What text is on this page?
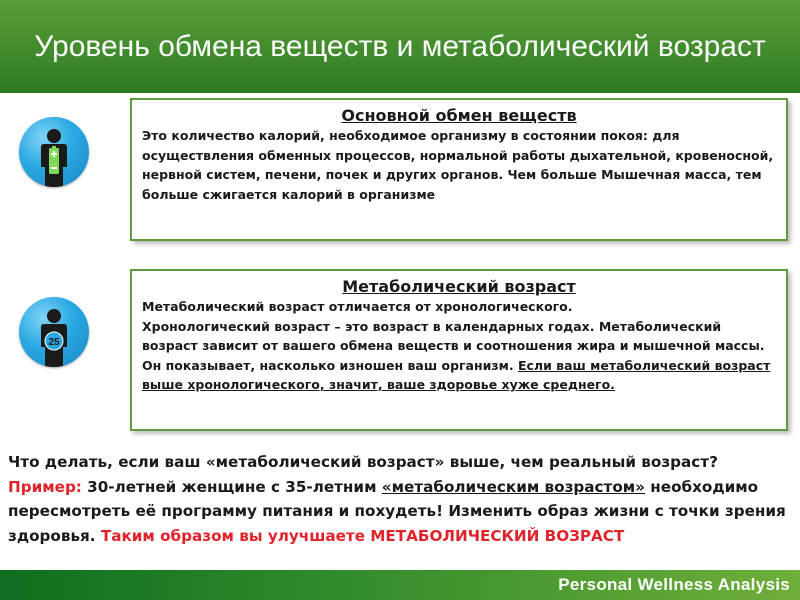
Уровень обмена веществ и метаболический возраст
25
Основной обмен веществ
Это количество калорий, необходимое организму в состоянии покоя: для осуществления обменных процессов, нормальной работы дыхательной, кровеносной, нервной систем, печени, почек и других органов. Чем больше Мышечная масса, тем больше сжигается калорий в организме
Метаболический возраст

Метаболический возраст отличается от хронологического.

Хронологический возраст – это возраст в календарных годах. Метаболический возраст зависит от вашего обмена веществ и соотношения жира и мышечной массы. Он показывает, насколько изношен ваш организм. Если ваш метаболический возраст выше хронологического, значит, ваше здоровье хуже среднего.

Что делать, если ваш «метаболический возраст» выше, чем реальный возраст? Пример: 30-летней женщине с 35-летним «метаболическим возрастом» необходимо пересмотреть её программу питания и похудеть! Изменить образ жизни с точки зрения здоровья. Таким образом вы улучшаете МЕТАБОЛИЧЕСКИЙ ВОЗРАСТ
Personal Wellness Analysis
